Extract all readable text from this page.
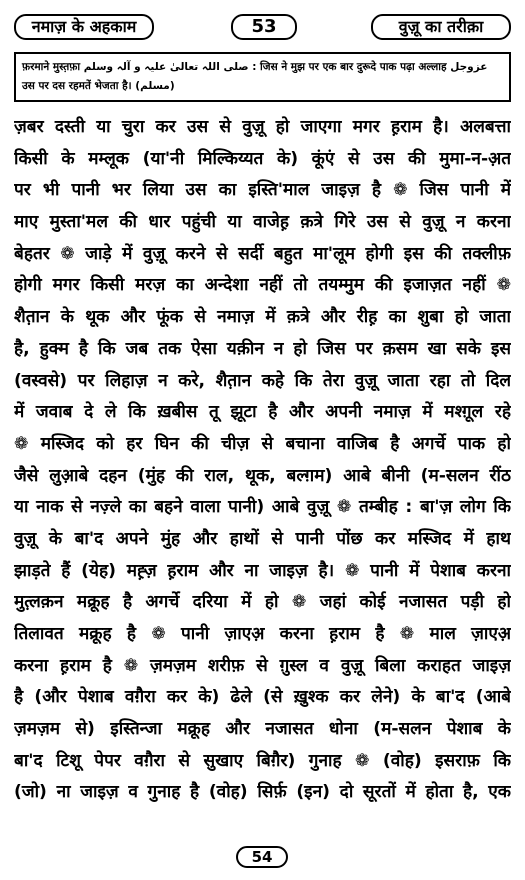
नमाज़ के अहकाम	53	वुज़ू का तरीक़ा
फ़रमाने मुस्त़फ़ा صلی اللہ تعالیٰ علیہ و آلہ وسلم : जिस ने मुझ पर एक बार दुरूदे पाक पढ़ा अल्लाह عزوجل उस पर दस रहमतें भेजता है। (مسلم)
ज़बर दस्ती या चुरा कर उस से वुज़ू हो जाएगा मगर ह़राम है। अलबत्ता
किसी के मम्लूक (या'नी मिल्किय्यत के) कूंएं से उस की मुमा-न-अ़त
पर भी पानी भर लिया उस का इस्ति'माल जाइज़ है ❁ जिस पानी में
माए मुस्ता'मल की धार पहुंची या वाजेह़ क़त्रे गिरे उस से वुज़ू न करना
बेहतर ❁ जाड़े में वुज़ू करने से सर्दी बहुत मा'लूम होगी इस की तक्लीफ़
होगी मगर किसी मरज़ का अन्देशा नहीं तो तयम्मुम की इजाज़त नहीं ❁
शैत़ान के थूक और फूंक से नमाज़ में क़त्रे और रीह़ का शुबा हो जाता
है, हुक्म है कि जब तक ऐसा यक़ीन न हो जिस पर क़सम खा सके इस
(वस्वसे) पर लिहाज़ न करे, शैत़ान कहे कि तेरा वुज़ू जाता रहा तो दिल
में जवाब दे ले कि ख़बीस तू झूटा है और अपनी नमाज़ में मश्ग़ूल रहे
❁ मस्जिद को हर घिन की चीज़ से बचाना वाजिब है अगर्चे पाक हो
जैसे लुआ़बे दहन (मुंह की राल, थूक, बल्ग़म) आबे बीनी (म-सलन रींठ
या नाक से नज़्ले का बहने वाला पानी) आबे वुज़ू ❁ तम्बीह : बा'ज़ लोग कि
वुज़ू के बा'द अपने मुंह और हाथों से पानी पोंछ कर मस्जिद में हाथ
झाड़ते हैं (येह) मह़्ज़ ह़राम और ना जाइज़ है। ❁ पानी में पेशाब करना
मुत़्लक़न मक्रूह है अगर्चे दरिया में हो ❁ जहां कोई नजासत पड़ी हो
तिलावत मक्रूह है ❁ पानी ज़ाएअ़ करना ह़राम है ❁ माल ज़ाएअ़
करना ह़राम है ❁ ज़मज़म शरीफ़ से ग़ुस्ल व वुज़ू बिला कराहत जाइज़
है (और पेशाब वग़ैरा कर के) ढेले (से ख़ुश्क कर लेने) के बा'द (आबे
ज़मज़म से) इस्तिन्जा मक्रूह और नजासत धोना (म-सलन पेशाब के
बा'द टिशू पेपर वग़ैरा से सुखाए बिग़ैर) गुनाह ❁ (वोह) इसराफ़ कि
(जो) ना जाइज़ व गुनाह है (वोह) सिर्फ़ (इन) दो सूरतों में होता है, एक
54
